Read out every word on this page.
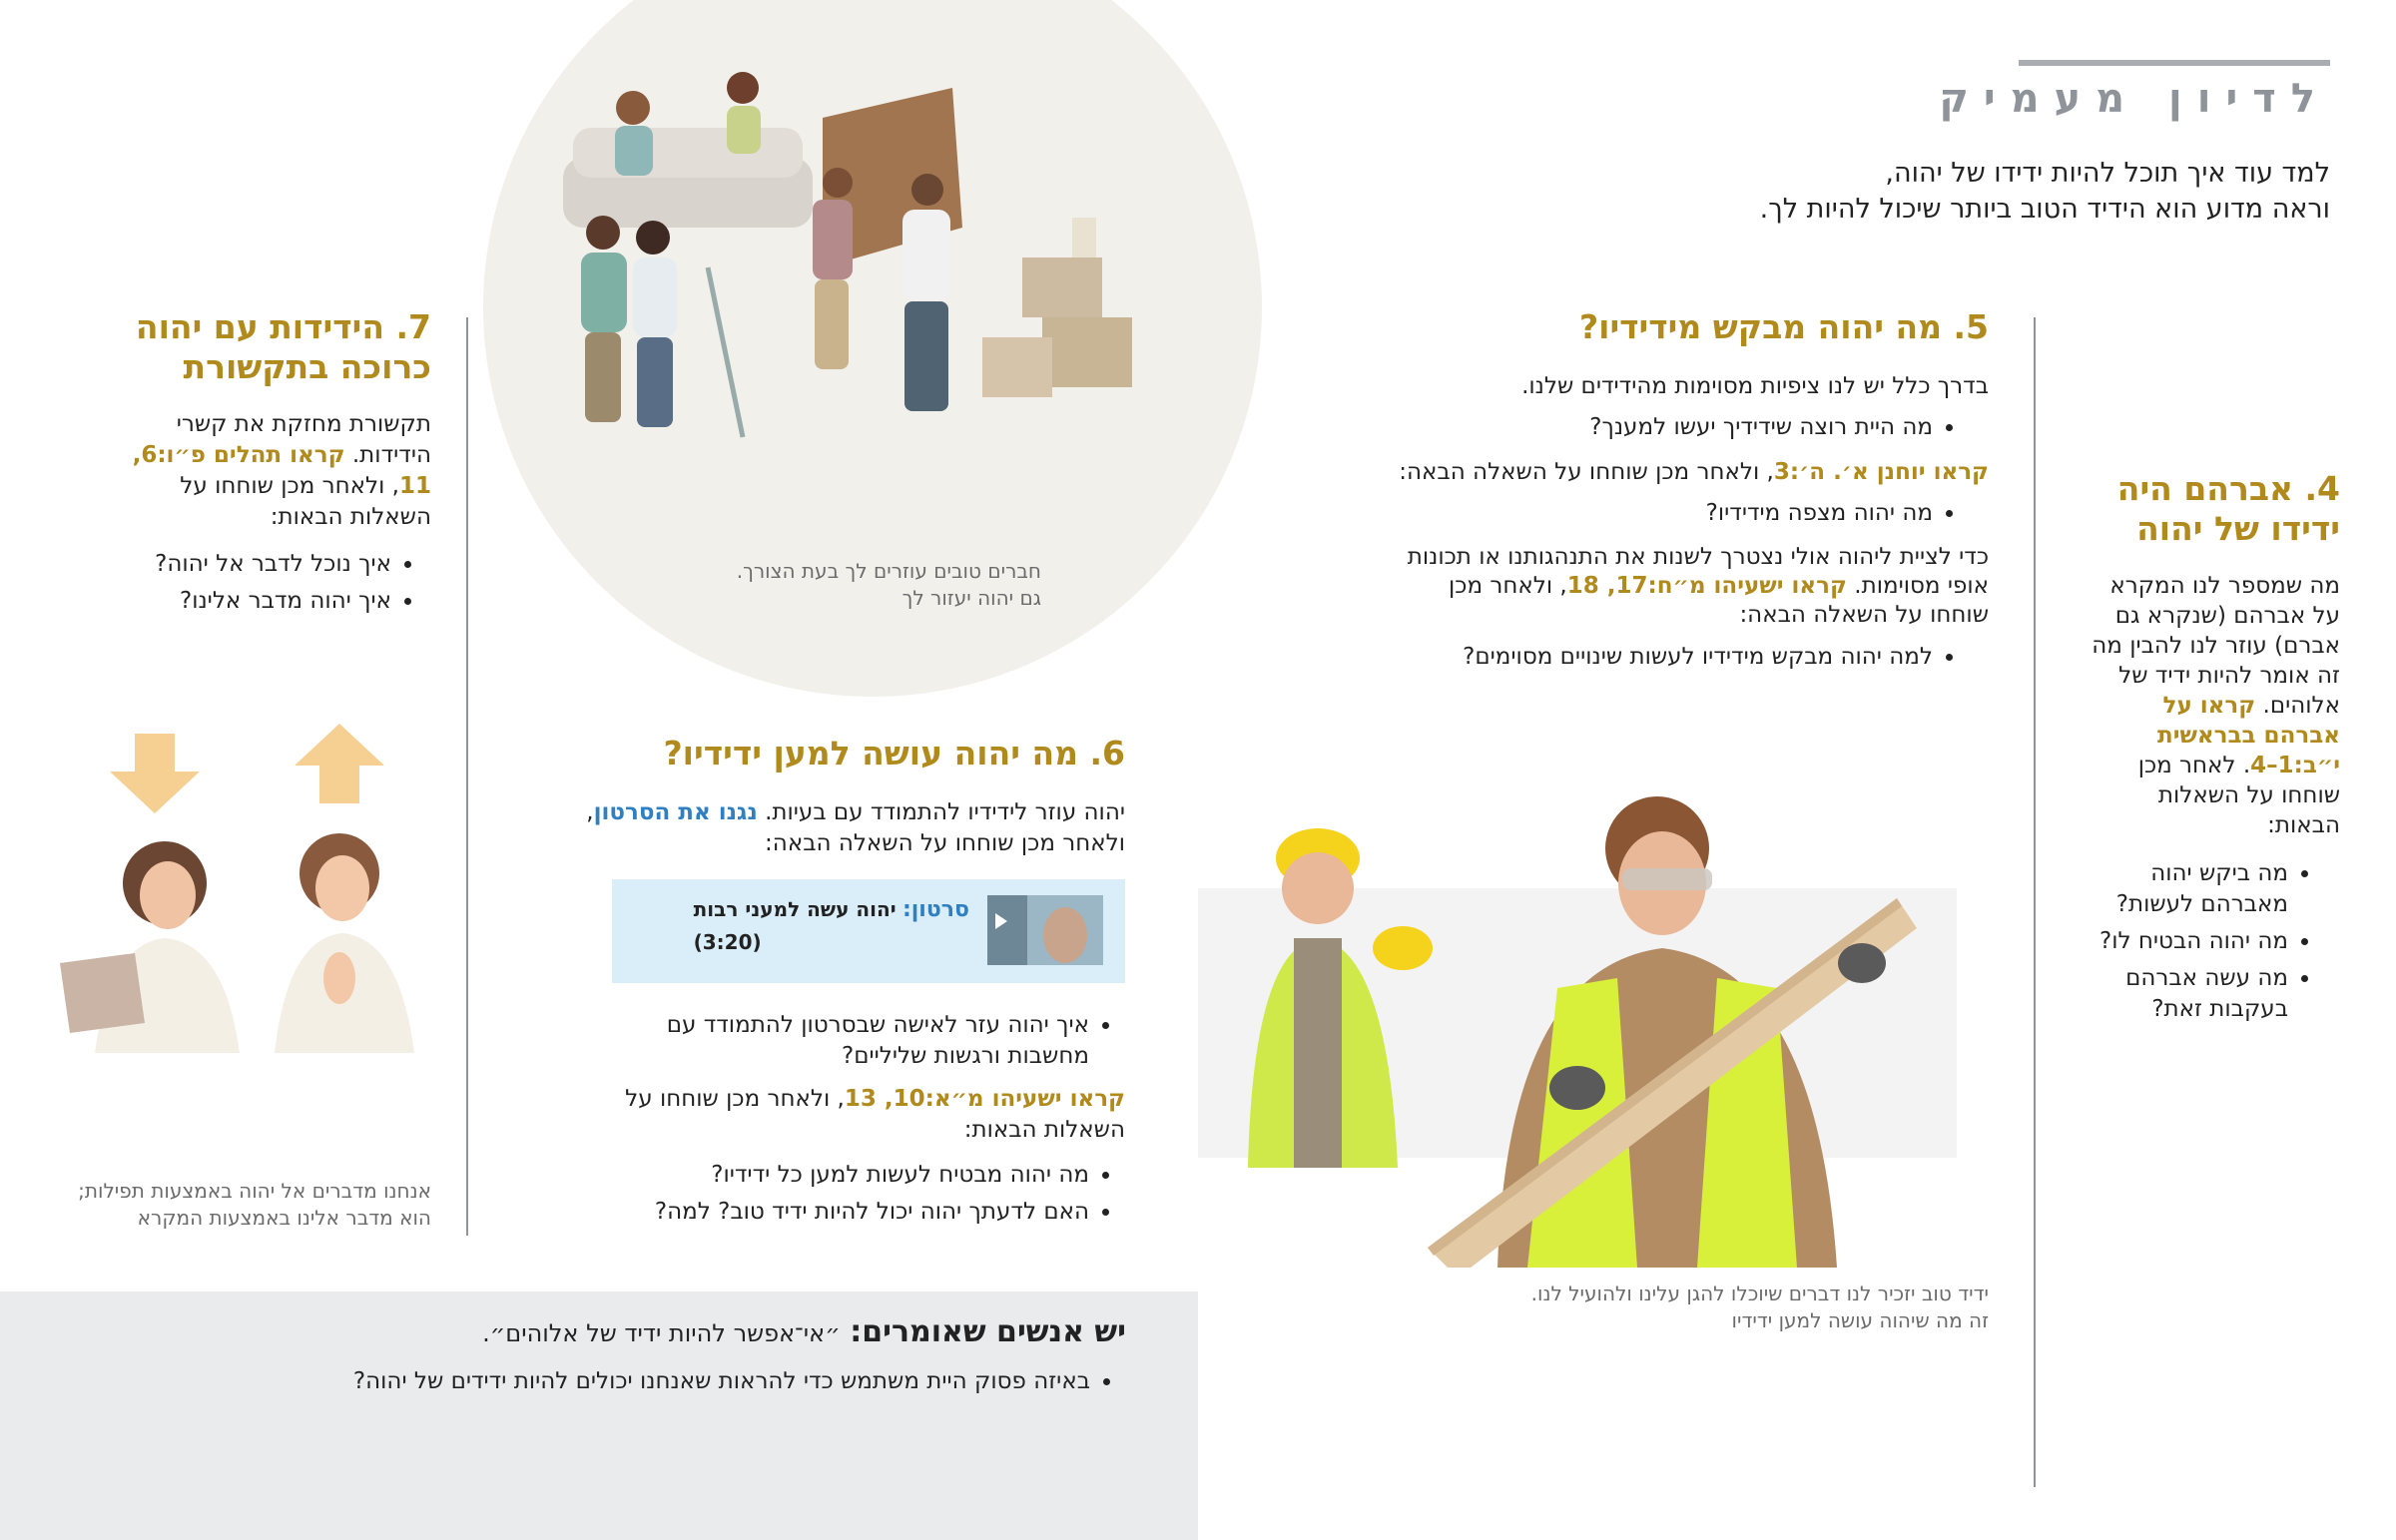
לדיון מעמיק
למד עוד איך תוכל להיות ידידו של יהוה,
וראה מדוע הוא הידיד הטוב ביותר שיכול להיות לך.
4. אברהם היה
ידידו של יהוה

מה שמספר לנו המקרא על אברהם (שנקרא גם אברם) עוזר לנו להבין מה זה אומר להיות ידיד של אלוהים. קראו על אברהם בבראשית י״ב:1–4. לאחר מכן שוחחו על השאלות הבאות:

• מה ביקש יהוה מאברהם לעשות?
• מה יהוה הבטיח לו?
• מה עשה אברהם בעקבות זאת?
5. מה יהוה מבקש מידידיו?

בדרך כלל יש לנו ציפיות מסוימות מהידידים שלנו.

• מה היית רוצה שידידיך יעשו למענך?

קראו יוחנן א׳. ה׳:3, ולאחר מכן שוחחו על השאלה הבאה:

• מה יהוה מצפה מידידיו?

כדי לציית ליהוה אולי נצטרך לשנות את התנהגותנו או תכונות אופי מסוימות. קראו ישעיהו מ״ח:17, 18, ולאחר מכן שוחחו על השאלה הבאה:

• למה יהוה מבקש מידידיו לעשות שינויים מסוימים?
חברים טובים עוזרים לך בעת הצורך.
גם יהוה יעזור לך
7. הידידות עם יהוה
כרוכה בתקשורת

תקשורת מחזקת את קשרי הידידות. קראו תהלים פ״ו:6, 11, ולאחר מכן שוחחו על השאלות הבאות:

• איך נוכל לדבר אל יהוה?
• איך יהוה מדבר אלינו?
אנחנו מדברים אל יהוה באמצעות תפילות;
הוא מדבר אלינו באמצעות המקרא
6. מה יהוה עושה למען ידידיו?

יהוה עוזר לידידיו להתמודד עם בעיות. נגנו את הסרטון, ולאחר מכן שוחחו על השאלה הבאה:

סרטון: יהוה עשה למעני רבות
(3:20)
• איך יהוה עזר לאישה שבסרטון להתמודד עם מחשבות ורגשות שליליים?

קראו ישעיהו מ״א:10, 13, ולאחר מכן שוחחו על השאלות הבאות:

• מה יהוה מבטיח לעשות למען כל ידידיו?
• האם לדעתך יהוה יכול להיות ידיד טוב? למה?
ידיד טוב יזכיר לנו דברים שיוכלו להגן עלינו ולהועיל לנו.
זה מה שיהוה עושה למען ידידיו
יש אנשים שאומרים: ״אי־אפשר להיות ידיד של אלוהים״.
• באיזה פסוק היית משתמש כדי להראות שאנחנו יכולים להיות ידידים של יהוה?
